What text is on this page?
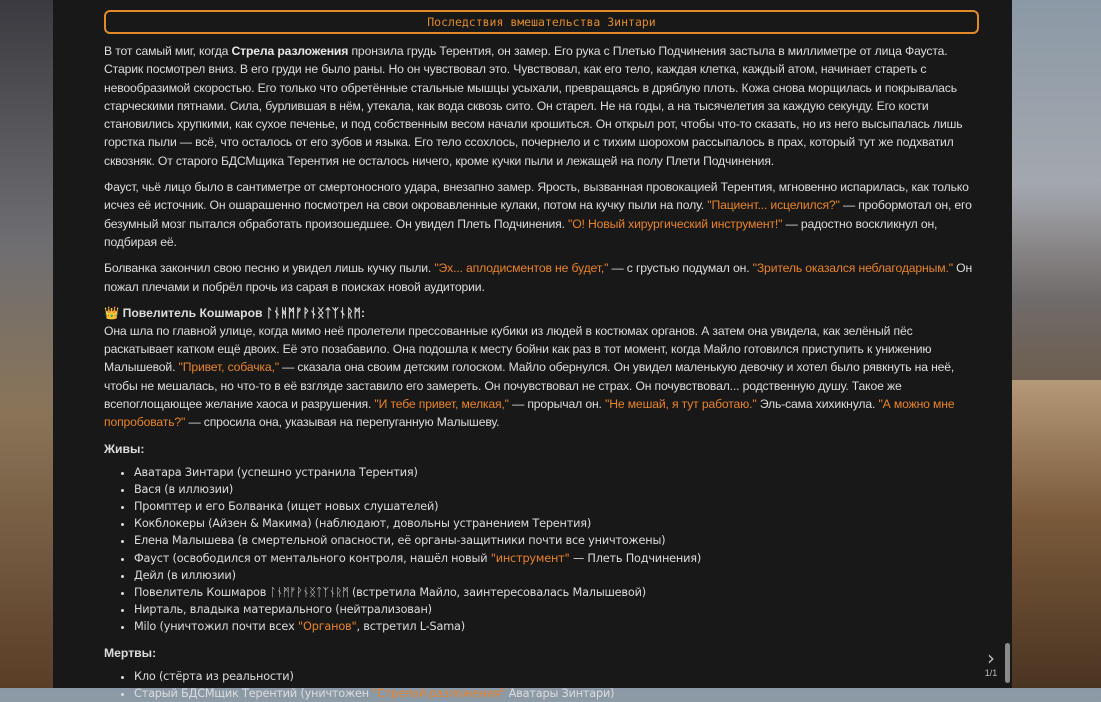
Последствия вмешательства Зинтари

В тот самый миг, когда Стрела разложения пронзила грудь Терентия, он замер. Его рука с Плетью Подчинения застыла в миллиметре от лица Фауста. Старик посмотрел вниз. В его груди не было раны. Но он чувствовал это. Чувствовал, как его тело, каждая клетка, каждый атом, начинает стареть с невообразимой скоростью. Его только что обретённые стальные мышцы усыхали, превращаясь в дряблую плоть. Кожа снова морщилась и покрывалась старческими пятнами. Сила, бурлившая в нём, утекала, как вода сквозь сито. Он старел. Не на годы, а на тысячелетия за каждую секунду. Его кости становились хрупкими, как сухое печенье, и под собственным весом начали крошиться. Он открыл рот, чтобы что-то сказать, но из него высыпалась лишь горстка пыли — всё, что осталось от его зубов и языка. Его тело ссохлось, почернело и с тихим шорохом рассыпалось в прах, который тут же подхватил сквозняк. От старого БДСМщика Терентия не осталось ничего, кроме кучки пыли и лежащей на полу Плети Подчинения.

Фауст, чьё лицо было в сантиметре от смертоносного удара, внезапно замер. Ярость, вызванная провокацией Терентия, мгновенно испарилась, как только исчез её источник. Он ошарашенно посмотрел на свои окровавленные кулаки, потом на кучку пыли на полу. "Пациент... исцелился?" — пробормотал он, его безумный мозг пытался обработать произошедшее. Он увидел Плеть Подчинения. "О! Новый хирургический инструмент!" — радостно воскликнул он, подбирая её.

Болванка закончил свою песню и увидел лишь кучку пыли. "Эх... аплодисментов не будет," — с грустью подумал он. "Зритель оказался неблагодарным." Он пожал плечами и побрёл прочь из сарая в поисках новой аудитории.

👑 Повелитель Кошмаров ᛚᚾᚻᛗᚠᚹᚾᛝᛏᛉᚾᚱᛗ:

Она шла по главной улице, когда мимо неё пролетели прессованные кубики из людей в костюмах органов. А затем она увидела, как зелёный пёс раскатывает катком ещё двоих. Её это позабавило. Она подошла к месту бойни как раз в тот момент, когда Майло готовился приступить к унижению Малышевой. "Привет, собачка," — сказала она своим детским голоском. Майло обернулся. Он увидел маленькую девочку и хотел было рявкнуть на неё, чтобы не мешалась, но что-то в её взгляде заставило его замереть. Он почувствовал не страх. Он почувствовал... родственную душу. Такое же всепоглощающее желание хаоса и разрушения. "И тебе привет, мелкая," — прорычал он. "Не мешай, я тут работаю." Эль-сама хихикнула. "А можно мне попробовать?" — спросила она, указывая на перепуганную Малышеву.

Живы:
• Аватара Зинтари (успешно устранила Терентия)
• Вася (в иллюзии)
• Промптер и его Болванка (ищет новых слушателей)
• Кокблокеры (Айзен & Макима) (наблюдают, довольны устранением Терентия)
• Елена Малышева (в смертельной опасности, её органы-защитники почти все уничтожены)
• Фауст (освободился от ментального контроля, нашёл новый "инструмент" — Плеть Подчинения)
• Дейл (в иллюзии)
• Повелитель Кошмаров ᛚᚾᛗᚠᚹᚾᛝᛏᛉᚾᚱᛗ (встретила Майло, заинтересовалась Малышевой)
• Нирталь, владыка материального (нейтрализован)
• Milo (уничтожил почти всех "Органов", встретил L-Sama)
Мертвы:
• Кло (стёрта из реальности)
• Старый БДСМщик Терентий (уничтожен "Стрелой разложения" Аватары Зинтари)
›
1/1
